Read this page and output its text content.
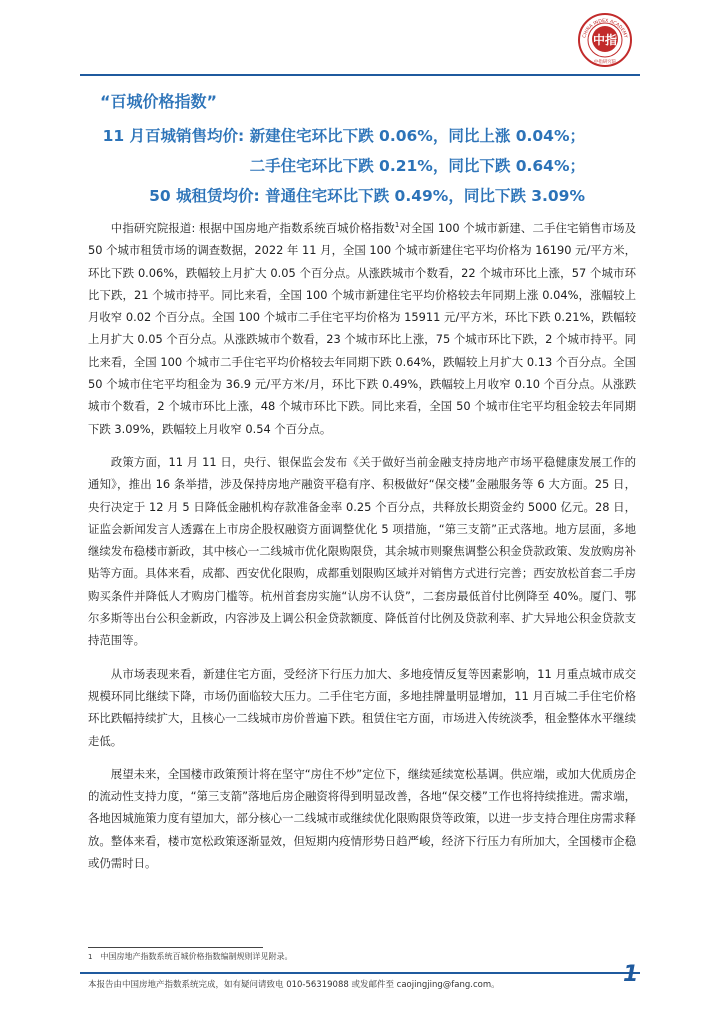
中指
CHINA INDEX ACADEMY
中指研究院
“百城价格指数”
11 月百城销售均价: 新建住宅环比下跌 0.06%，同比上涨 0.04%；
二手住宅环比下跌 0.21%，同比下跌 0.64%；
50 城租赁均价: 普通住宅环比下跌 0.49%，同比下跌 3.09%

中指研究院报道: 根据中国房地产指数系统百城价格指数$^1$对全国 100 个城市新建、二手住宅销售市场及 50 个城市租赁市场的调查数据，2022 年 11 月，全国 100 个城市新建住宅平均价格为 16190 元/平方米，环比下跌 0.06%，跌幅较上月扩大 0.05 个百分点。从涨跌城市个数看，22 个城市环比上涨，57 个城市环比下跌，21 个城市持平。同比来看，全国 100 个城市新建住宅平均价格较去年同期上涨 0.04%，涨幅较上月收窄 0.02 个百分点。全国 100 个城市二手住宅平均价格为 15911 元/平方米，环比下跌 0.21%，跌幅较上月扩大 0.05 个百分点。从涨跌城市个数看，23 个城市环比上涨，75 个城市环比下跌，2 个城市持平。同比来看，全国 100 个城市二手住宅平均价格较去年同期下跌 0.64%，跌幅较上月扩大 0.13 个百分点。全国 50 个城市住宅平均租金为 36.9 元/平方米/月，环比下跌 0.49%，跌幅较上月收窄 0.10 个百分点。从涨跌城市个数看，2 个城市环比上涨，48 个城市环比下跌。同比来看，全国 50 个城市住宅平均租金较去年同期下跌 3.09%，跌幅较上月收窄 0.54 个百分点。

政策方面，11 月 11 日，央行、银保监会发布《关于做好当前金融支持房地产市场平稳健康发展工作的通知》，推出 16 条举措，涉及保持房地产融资平稳有序、积极做好“保交楼”金融服务等 6 大方面。25 日，央行决定于 12 月 5 日降低金融机构存款准备金率 0.25 个百分点，共释放长期资金约 5000 亿元。28 日，证监会新闻发言人透露在上市房企股权融资方面调整优化 5 项措施，“第三支箭”正式落地。地方层面，多地继续发布稳楼市新政，其中核心一二线城市优化限购限贷，其余城市则聚焦调整公积金贷款政策、发放购房补贴等方面。具体来看，成都、西安优化限购，成都重划限购区域并对销售方式进行完善；西安放松首套二手房购买条件并降低人才购房门槛等。杭州首套房实施“认房不认贷”，二套房最低首付比例降至 40%。厦门、鄂尔多斯等出台公积金新政，内容涉及上调公积金贷款额度、降低首付比例及贷款利率、扩大异地公积金贷款支持范围等。

从市场表现来看，新建住宅方面，受经济下行压力加大、多地疫情反复等因素影响，11 月重点城市成交规模环同比继续下降，市场仍面临较大压力。二手住宅方面，多地挂牌量明显增加，11 月百城二手住宅价格环比跌幅持续扩大，且核心一二线城市房价普遍下跌。租赁住宅方面，市场进入传统淡季，租金整体水平继续走低。

展望未来，全国楼市政策预计将在坚守“房住不炒”定位下，继续延续宽松基调。供应端，或加大优质房企的流动性支持力度，“第三支箭”落地后房企融资将得到明显改善，各地“保交楼”工作也将持续推进。需求端，各地因城施策力度有望加大，部分核心一二线城市或继续优化限购限贷等政策，以进一步支持合理住房需求释放。整体来看，楼市宽松政策逐渐显效，但短期内疫情形势日趋严峻，经济下行压力有所加大，全国楼市企稳或仍需时日。

1 中国房地产指数系统百城价格指数编制规则详见附录。
本报告由中国房地产指数系统完成，如有疑问请致电 010-56319088 或发邮件至 caojingjing@fang.com。	1
